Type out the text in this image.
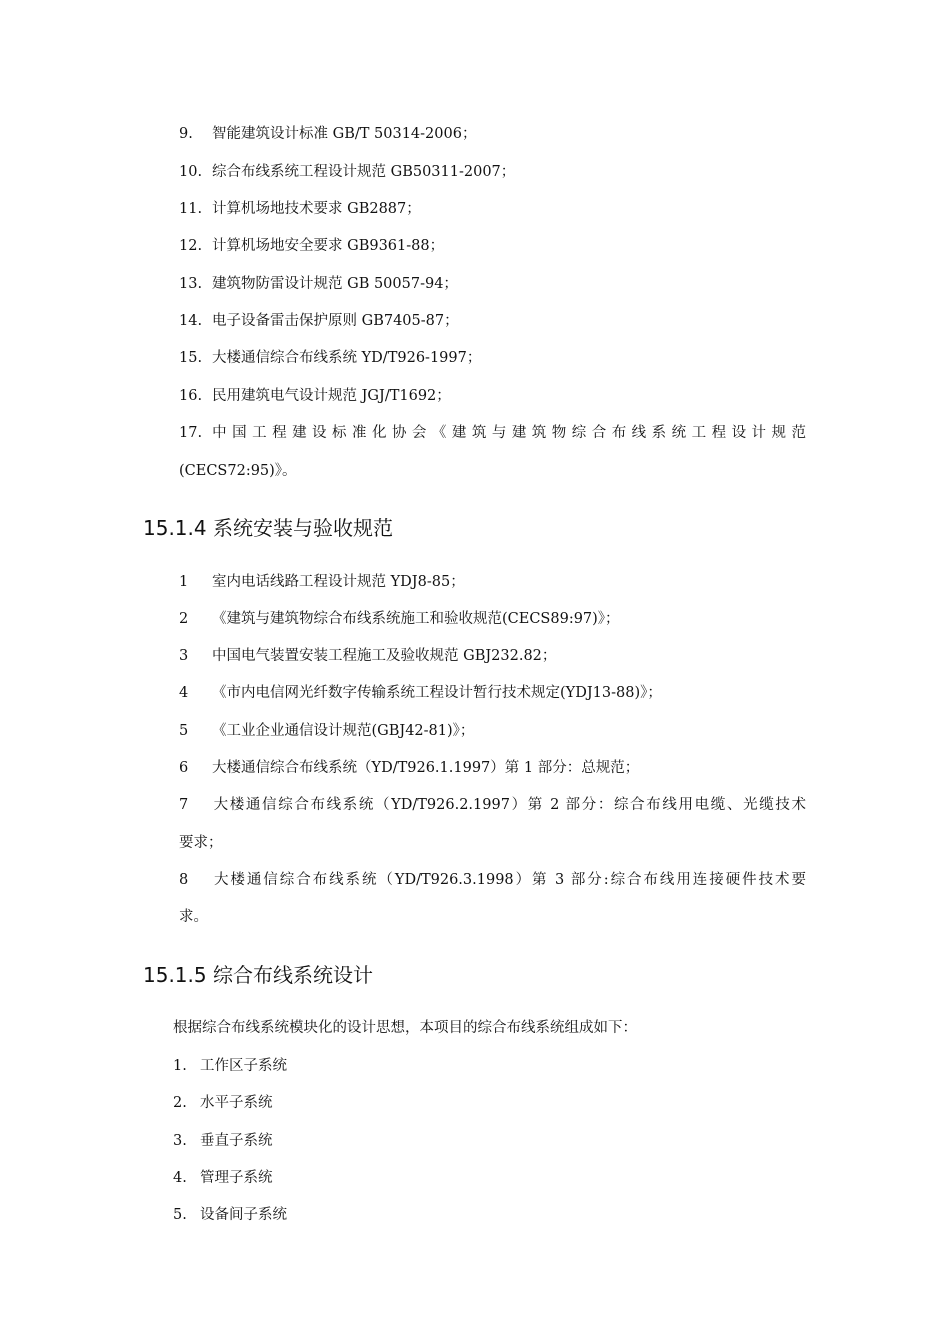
9. 智能建筑设计标准 GB/T 50314-2006；
10. 综合布线系统工程设计规范 GB50311-2007；
11. 计算机场地技术要求 GB2887；
12. 计算机场地安全要求 GB9361-88；
13. 建筑物防雷设计规范 GB 50057-94；
14. 电子设备雷击保护原则 GB7405-87；
15. 大楼通信综合布线系统 YD/T926-1997；
16. 民用建筑电气设计规范 JGJ/T1692；
17. 中国工程建设标准化协会《建筑与建筑物综合布线系统工程设计规范
(CECS72:95)》。
15.1.4 系统安装与验收规范
1 室内电话线路工程设计规范 YDJ8-85；
2 《建筑与建筑物综合布线系统施工和验收规范(CECS89:97)》；
3 中国电气装置安装工程施工及验收规范 GBJ232.82；
4 《市内电信网光纤数字传输系统工程设计暂行技术规定(YDJ13-88)》；
5 《工业企业通信设计规范(GBJ42-81)》；
6 大楼通信综合布线系统（YD/T926.1.1997）第 1 部分：总规范；
7 大楼通信综合布线系统（YD/T926.2.1997）第 2 部分：综合布线用电缆、光缆技术
要求；
8 大楼通信综合布线系统（YD/T926.3.1998）第 3 部分:综合布线用连接硬件技术要
求。
15.1.5 综合布线系统设计
根据综合布线系统模块化的设计思想，本项目的综合布线系统组成如下：
1. 工作区子系统
2. 水平子系统
3. 垂直子系统
4. 管理子系统
5. 设备间子系统
